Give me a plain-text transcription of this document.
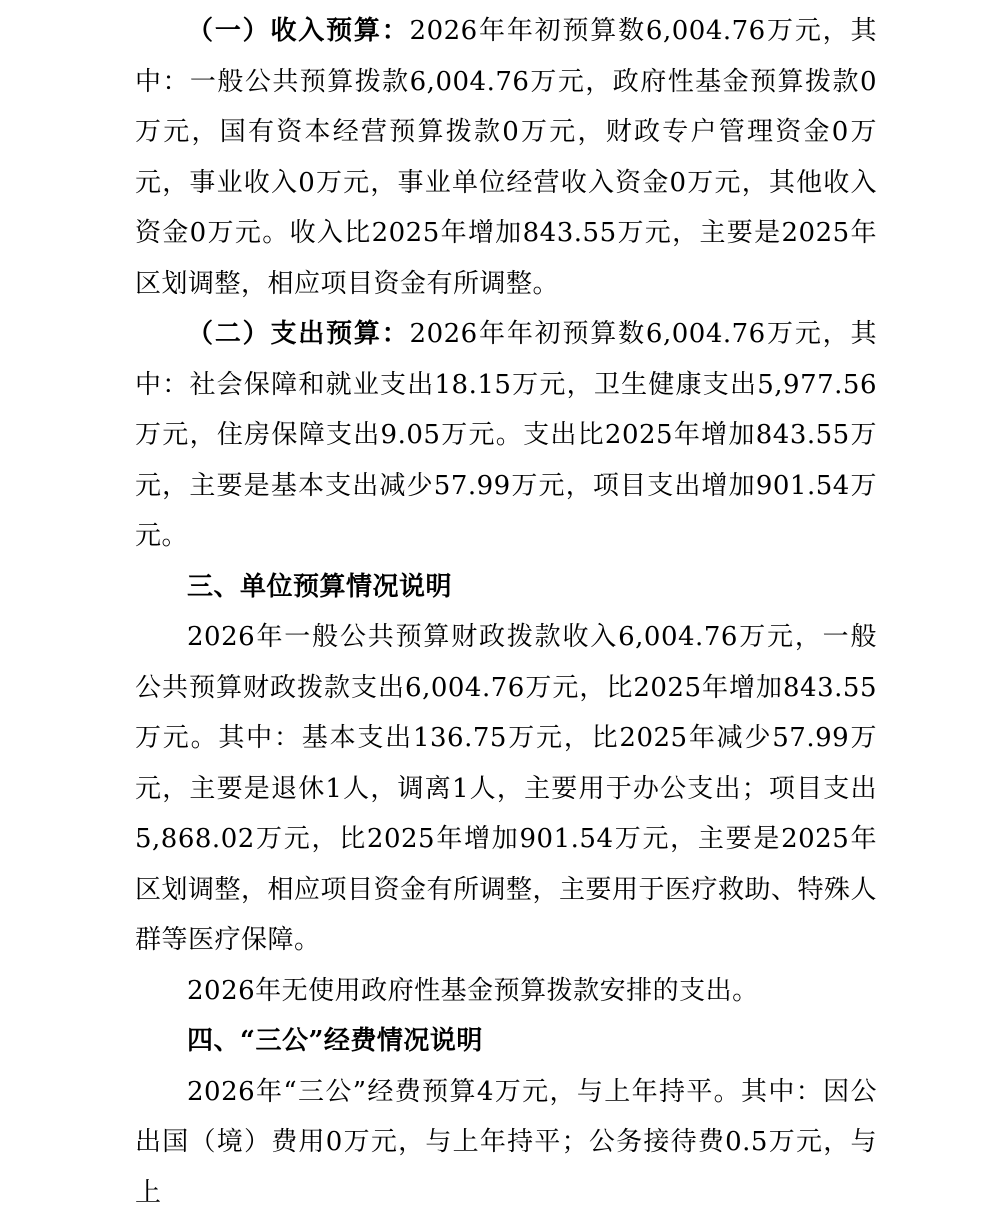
（一）收入预算：2026年年初预算数6,004.76万元，其中：一般公共预算拨款6,004.76万元，政府性基金预算拨款0万元，国有资本经营预算拨款0万元，财政专户管理资金0万元，事业收入0万元，事业单位经营收入资金0万元，其他收入资金0万元。收入比2025年增加843.55万元，主要是2025年区划调整，相应项目资金有所调整。

（二）支出预算：2026年年初预算数6,004.76万元，其中：社会保障和就业支出18.15万元，卫生健康支出5,977.56万元，住房保障支出9.05万元。支出比2025年增加843.55万元，主要是基本支出减少57.99万元，项目支出增加901.54万元。

三、单位预算情况说明

2026年一般公共预算财政拨款收入6,004.76万元，一般公共预算财政拨款支出6,004.76万元，比2025年增加843.55万元。其中：基本支出136.75万元，比2025年减少57.99万元，主要是退休1人，调离1人，主要用于办公支出；项目支出5,868.02万元，比2025年增加901.54万元，主要是2025年区划调整，相应项目资金有所调整，主要用于医疗救助、特殊人群等医疗保障。

2026年无使用政府性基金预算拨款安排的支出。

四、“三公”经费情况说明

2026年“三公”经费预算4万元，与上年持平。其中：因公出国（境）费用0万元，与上年持平；公务接待费0.5万元，与上
